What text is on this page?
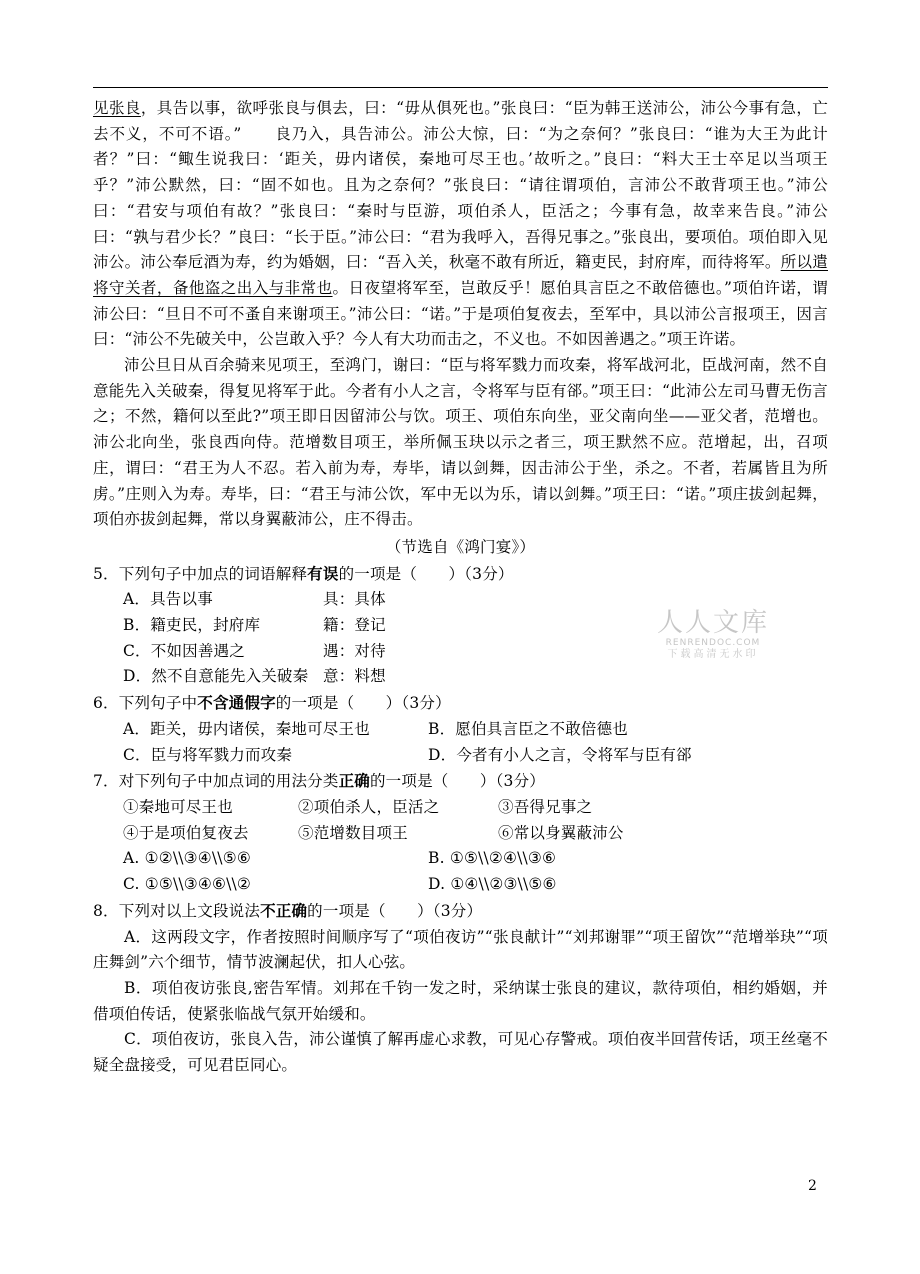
见张良，具告以事，欲呼张良与俱去，曰：“毋从俱死也。”张良曰：“臣为韩王送沛公，沛公今事有急，亡去不义，不可不语。”　　良乃入，具告沛公。沛公大惊，曰：“为之奈何？”张良曰：“谁为大王为此计者？”曰：“鲰生说我曰：‘距关，毋内诸侯，秦地可尽王也。’故听之。”良曰：“料大王士卒足以当项王乎？”沛公默然，曰：“固不如也。且为之奈何？”张良曰：“请往谓项伯，言沛公不敢背项王也。”沛公曰：“君安与项伯有故？”张良曰：“秦时与臣游，项伯杀人，臣活之；今事有急，故幸来告良。”沛公曰：“孰与君少长？”良曰：“长于臣。”沛公曰：“君为我呼入，吾得兄事之。”张良出，要项伯。项伯即入见沛公。沛公奉卮酒为寿，约为婚姻，曰：“吾入关，秋毫不敢有所近，籍吏民，封府库，而待将军。所以遣将守关者，备他盗之出入与非常也。日夜望将军至，岂敢反乎！愿伯具言臣之不敢倍德也。”项伯许诺，谓沛公曰：“旦日不可不蚤自来谢项王。”沛公曰：“诺。”于是项伯复夜去，至军中，具以沛公言报项王，因言曰：“沛公不先破关中，公岂敢入乎？今人有大功而击之，不义也。不如因善遇之。”项王许诺。

沛公旦日从百余骑来见项王，至鸿门，谢曰：“臣与将军戮力而攻秦，将军战河北，臣战河南，然不自意能先入关破秦，得复见将军于此。今者有小人之言，令将军与臣有郤。”项王曰：“此沛公左司马曹无伤言之；不然，籍何以至此?”项王即日因留沛公与饮。项王、项伯东向坐，亚父南向坐——亚父者，范增也。沛公北向坐，张良西向侍。范增数目项王，举所佩玉玦以示之者三，项王默然不应。范增起，出，召项庄，谓曰：“君王为人不忍。若入前为寿，寿毕，请以剑舞，因击沛公于坐，杀之。不者，若属皆且为所虏。”庄则入为寿。寿毕，曰：“君王与沛公饮，军中无以为乐，请以剑舞。”项王曰：“诺。”项庄拔剑起舞，项伯亦拔剑起舞，常以身翼蔽沛公，庄不得击。

（节选自《鸿门宴》）

5．下列句子中加点的词语解释有误的一项是（　　）（3分）

A．具告以事	具：具体
B．籍吏民，封府库	籍：登记
C．不如因善遇之	遇：对待
D．然不自意能先入关破秦 意：料想

6．下列句子中不含通假字的一项是（　　）（3分）

A．距关，毋内诸侯，秦地可尽王也	B．愿伯具言臣之不敢倍德也
C．臣与将军戮力而攻秦	D．今者有小人之言，令将军与臣有郤

7．对下列句子中加点词的用法分类正确的一项是（　　）（3分）

①秦地可尽王也	②项伯杀人，臣活之	③吾得兄事之
④于是项伯复夜去	⑤范增数目项王	⑥常以身翼蔽沛公
A. ①②\\③④\\⑤⑥	B. ①⑤\\②④\\③⑥
C. ①⑤\\③④⑥\\②	D. ①④\\②③\\⑤⑥

8．下列对以上文段说法不正确的一项是（　　）（3分）

A．这两段文字，作者按照时间顺序写了“项伯夜访”“张良献计”“刘邦谢罪”“项王留饮”“范增举玦”“项庄舞剑”六个细节，情节波澜起伏，扣人心弦。

B．项伯夜访张良,密告军情。刘邦在千钧一发之时，采纳谋士张良的建议，款待项伯，相约婚姻，并借项伯传话，使紧张临战气氛开始缓和。

C．项伯夜访，张良入告，沛公谨慎了解再虚心求教，可见心存警戒。项伯夜半回营传话，项王丝毫不疑全盘接受，可见君臣同心。

人人文库
RENRENDOC.COM
下载高清无水印
2
